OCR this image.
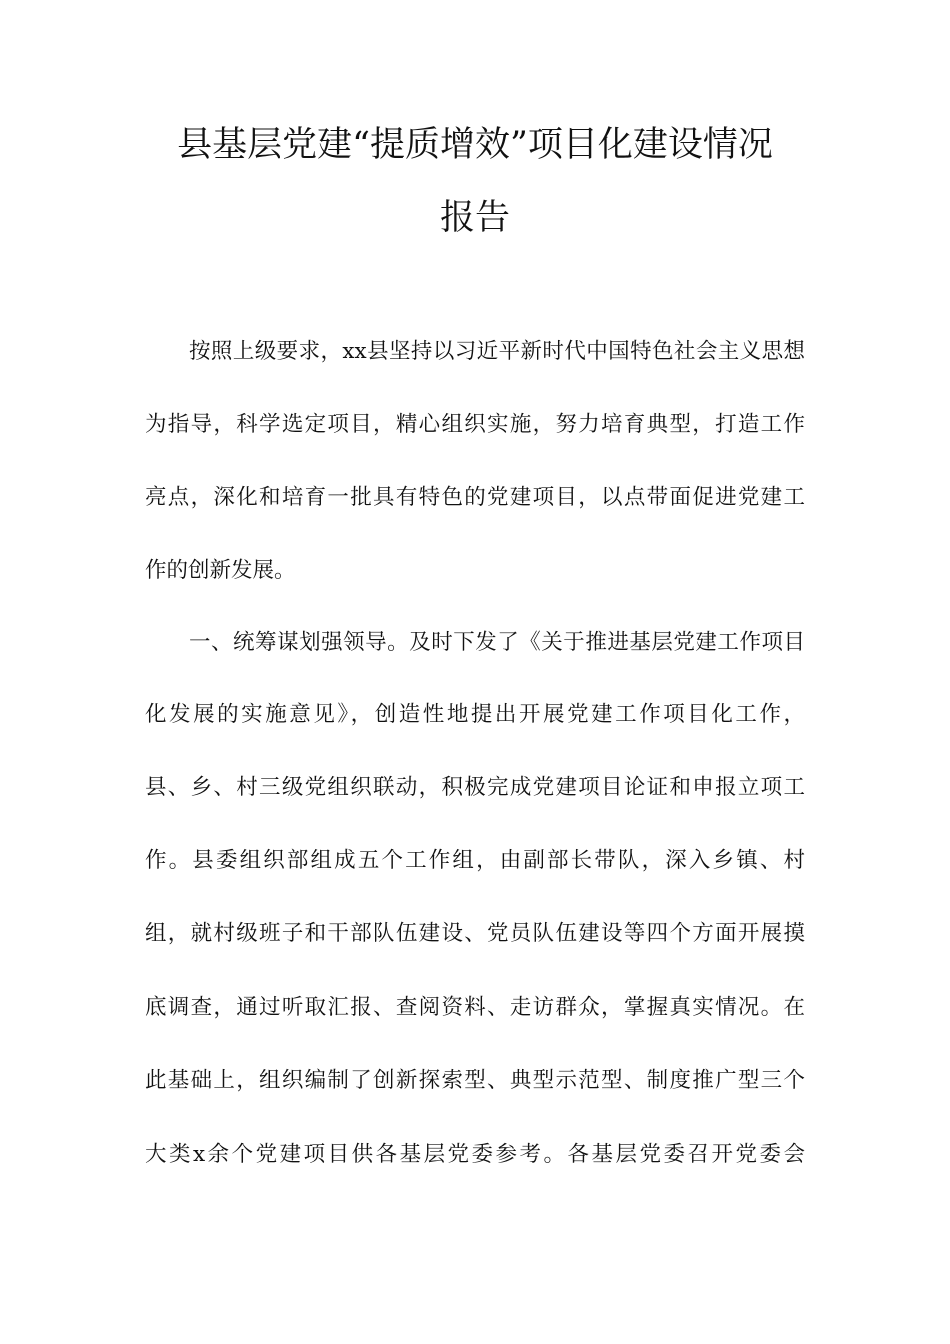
县基层党建“提质增效”项目化建设情况
报告
按照上级要求，xx县坚持以习近平新时代中国特色社会主义思想
为指导，科学选定项目，精心组织实施，努力培育典型，打造工作
亮点，深化和培育一批具有特色的党建项目，以点带面促进党建工
作的创新发展。
一、统筹谋划强领导。及时下发了《关于推进基层党建工作项目
化发展的实施意见》，创造性地提出开展党建工作项目化工作，
县、乡、村三级党组织联动，积极完成党建项目论证和申报立项工
作。县委组织部组成五个工作组，由副部长带队，深入乡镇、村
组，就村级班子和干部队伍建设、党员队伍建设等四个方面开展摸
底调查，通过听取汇报、查阅资料、走访群众，掌握真实情况。在
此基础上，组织编制了创新探索型、典型示范型、制度推广型三个
大类x余个党建项目供各基层党委参考。各基层党委召开党委会
